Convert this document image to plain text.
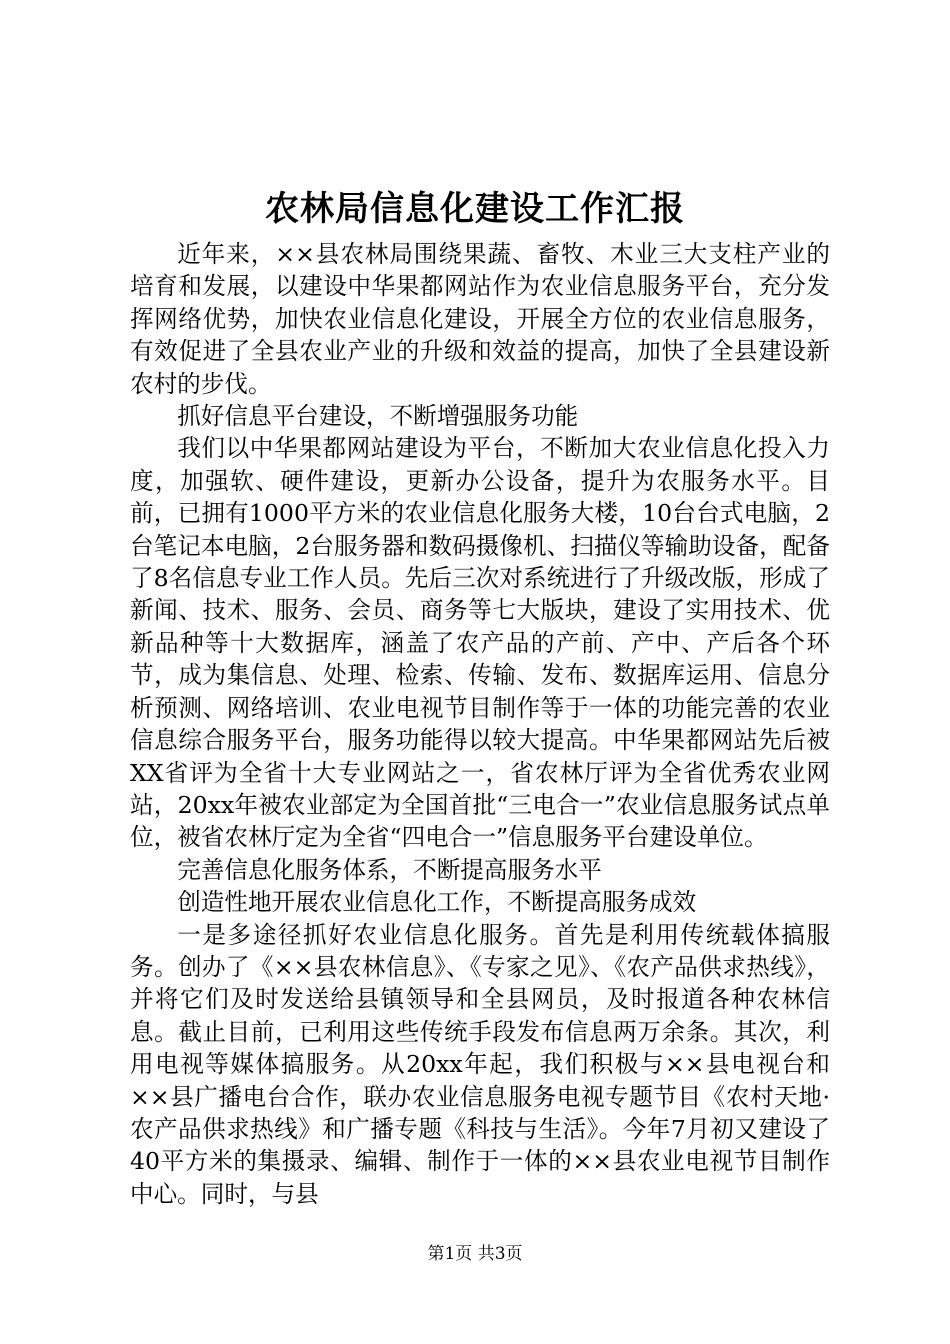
农林局信息化建设工作汇报

近年来，××县农林局围绕果蔬、畜牧、木业三大支柱产业的培育和发展，以建设中华果都网站作为农业信息服务平台，充分发挥网络优势，加快农业信息化建设，开展全方位的农业信息服务，有效促进了全县农业产业的升级和效益的提高，加快了全县建设新农村的步伐。

抓好信息平台建设，不断增强服务功能

我们以中华果都网站建设为平台，不断加大农业信息化投入力度，加强软、硬件建设，更新办公设备，提升为农服务水平。目前，已拥有1000平方米的农业信息化服务大楼，10台台式电脑，2台笔记本电脑，2台服务器和数码摄像机、扫描仪等输助设备，配备了8名信息专业工作人员。先后三次对系统进行了升级改版，形成了新闻、技术、服务、会员、商务等七大版块，建设了实用技术、优新品种等十大数据库，涵盖了农产品的产前、产中、产后各个环节，成为集信息、处理、检索、传输、发布、数据库运用、信息分析预测、网络培训、农业电视节目制作等于一体的功能完善的农业信息综合服务平台，服务功能得以较大提高。中华果都网站先后被XX省评为全省十大专业网站之一，省农林厅评为全省优秀农业网站，20xx年被农业部定为全国首批“三电合一”农业信息服务试点单位，被省农林厅定为全省“四电合一”信息服务平台建设单位。

完善信息化服务体系，不断提高服务水平

创造性地开展农业信息化工作，不断提高服务成效

一是多途径抓好农业信息化服务。首先是利用传统载体搞服务。创办了《××县农林信息》、《专家之见》、《农产品供求热线》，并将它们及时发送给县镇领导和全县网员，及时报道各种农林信息。截止目前，已利用这些传统手段发布信息两万余条。其次，利用电视等媒体搞服务。从20xx年起，我们积极与××县电视台和××县广播电台合作，联办农业信息服务电视专题节目《农村天地·农产品供求热线》和广播专题《科技与生活》。今年7月初又建设了40平方米的集摄录、编辑、制作于一体的××县农业电视节目制作中心。同时，与县

第1页 共3页
